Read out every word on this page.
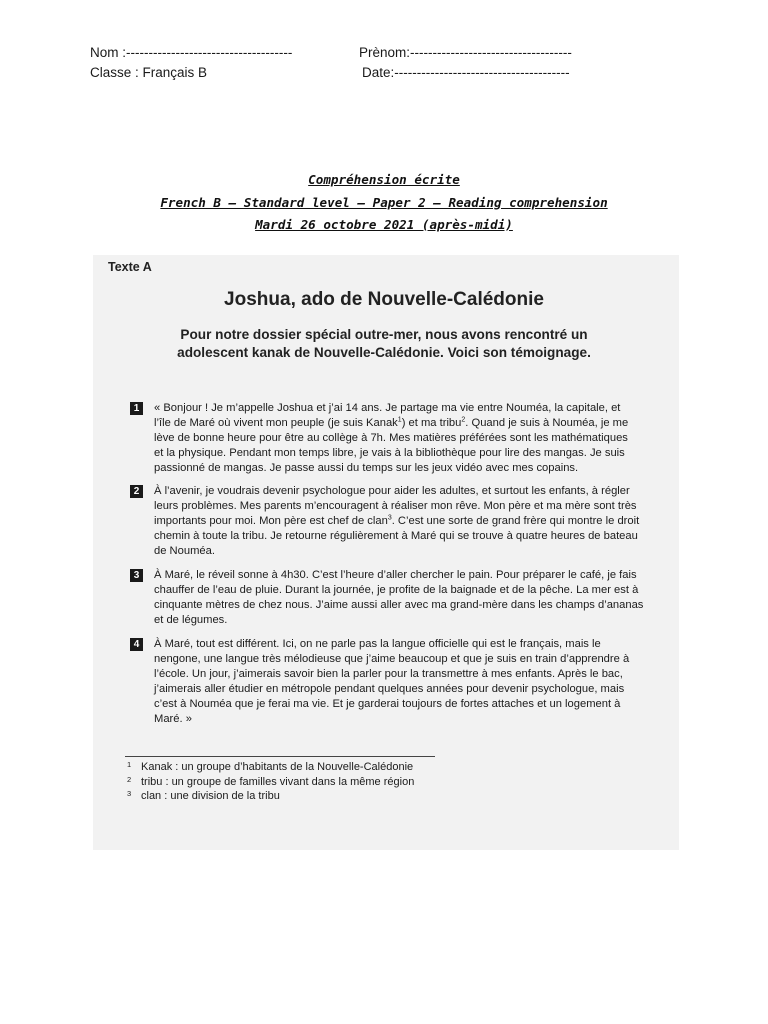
Nom :-------------------------------------	Prènom:------------------------------------
Classe : Français B	Date:---------------------------------------
Compréhension écrite
French B – Standard level – Paper 2 – Reading comprehension
Mardi 26 octobre 2021 (après-midi)
Texte A
Joshua, ado de Nouvelle-Calédonie
Pour notre dossier spécial outre-mer, nous avons rencontré un
adolescent kanak de Nouvelle-Calédonie. Voici son témoignage.
1	« Bonjour ! Je m’appelle Joshua et j’ai 14 ans. Je partage ma vie entre Nouméa, la capitale, et
l’île de Maré où vivent mon peuple (je suis Kanak$^1$) et ma tribu$^2$. Quand je suis à Nouméa, je me
lève de bonne heure pour être au collège à 7h. Mes matières préférées sont les mathématiques
et la physique. Pendant mon temps libre, je vais à la bibliothèque pour lire des mangas. Je suis
passionné de mangas. Je passe aussi du temps sur les jeux vidéo avec mes copains.
2	À l’avenir, je voudrais devenir psychologue pour aider les adultes, et surtout les enfants, à régler
leurs problèmes. Mes parents m’encouragent à réaliser mon rêve. Mon père et ma mère sont très
importants pour moi. Mon père est chef de clan$^3$. C’est une sorte de grand frère qui montre le droit
chemin à toute la tribu. Je retourne régulièrement à Maré qui se trouve à quatre heures de bateau
de Nouméa.
3	À Maré, le réveil sonne à 4h30. C’est l’heure d’aller chercher le pain. Pour préparer le café, je fais
chauffer de l’eau de pluie. Durant la journée, je profite de la baignade et de la pêche. La mer est à
cinquante mètres de chez nous. J’aime aussi aller avec ma grand-mère dans les champs d’ananas
et de légumes.
4	À Maré, tout est différent. Ici, on ne parle pas la langue officielle qui est le français, mais le
nengone, une langue très mélodieuse que j’aime beaucoup et que je suis en train d’apprendre à
l’école. Un jour, j’aimerais savoir bien la parler pour la transmettre à mes enfants. Après le bac,
j’aimerais aller étudier en métropole pendant quelques années pour devenir psychologue, mais
c’est à Nouméa que je ferai ma vie. Et je garderai toujours de fortes attaches et un logement à
Maré. »
1 Kanak : un groupe d’habitants de la Nouvelle-Calédonie
2 tribu : un groupe de familles vivant dans la même région
3 clan : une division de la tribu
